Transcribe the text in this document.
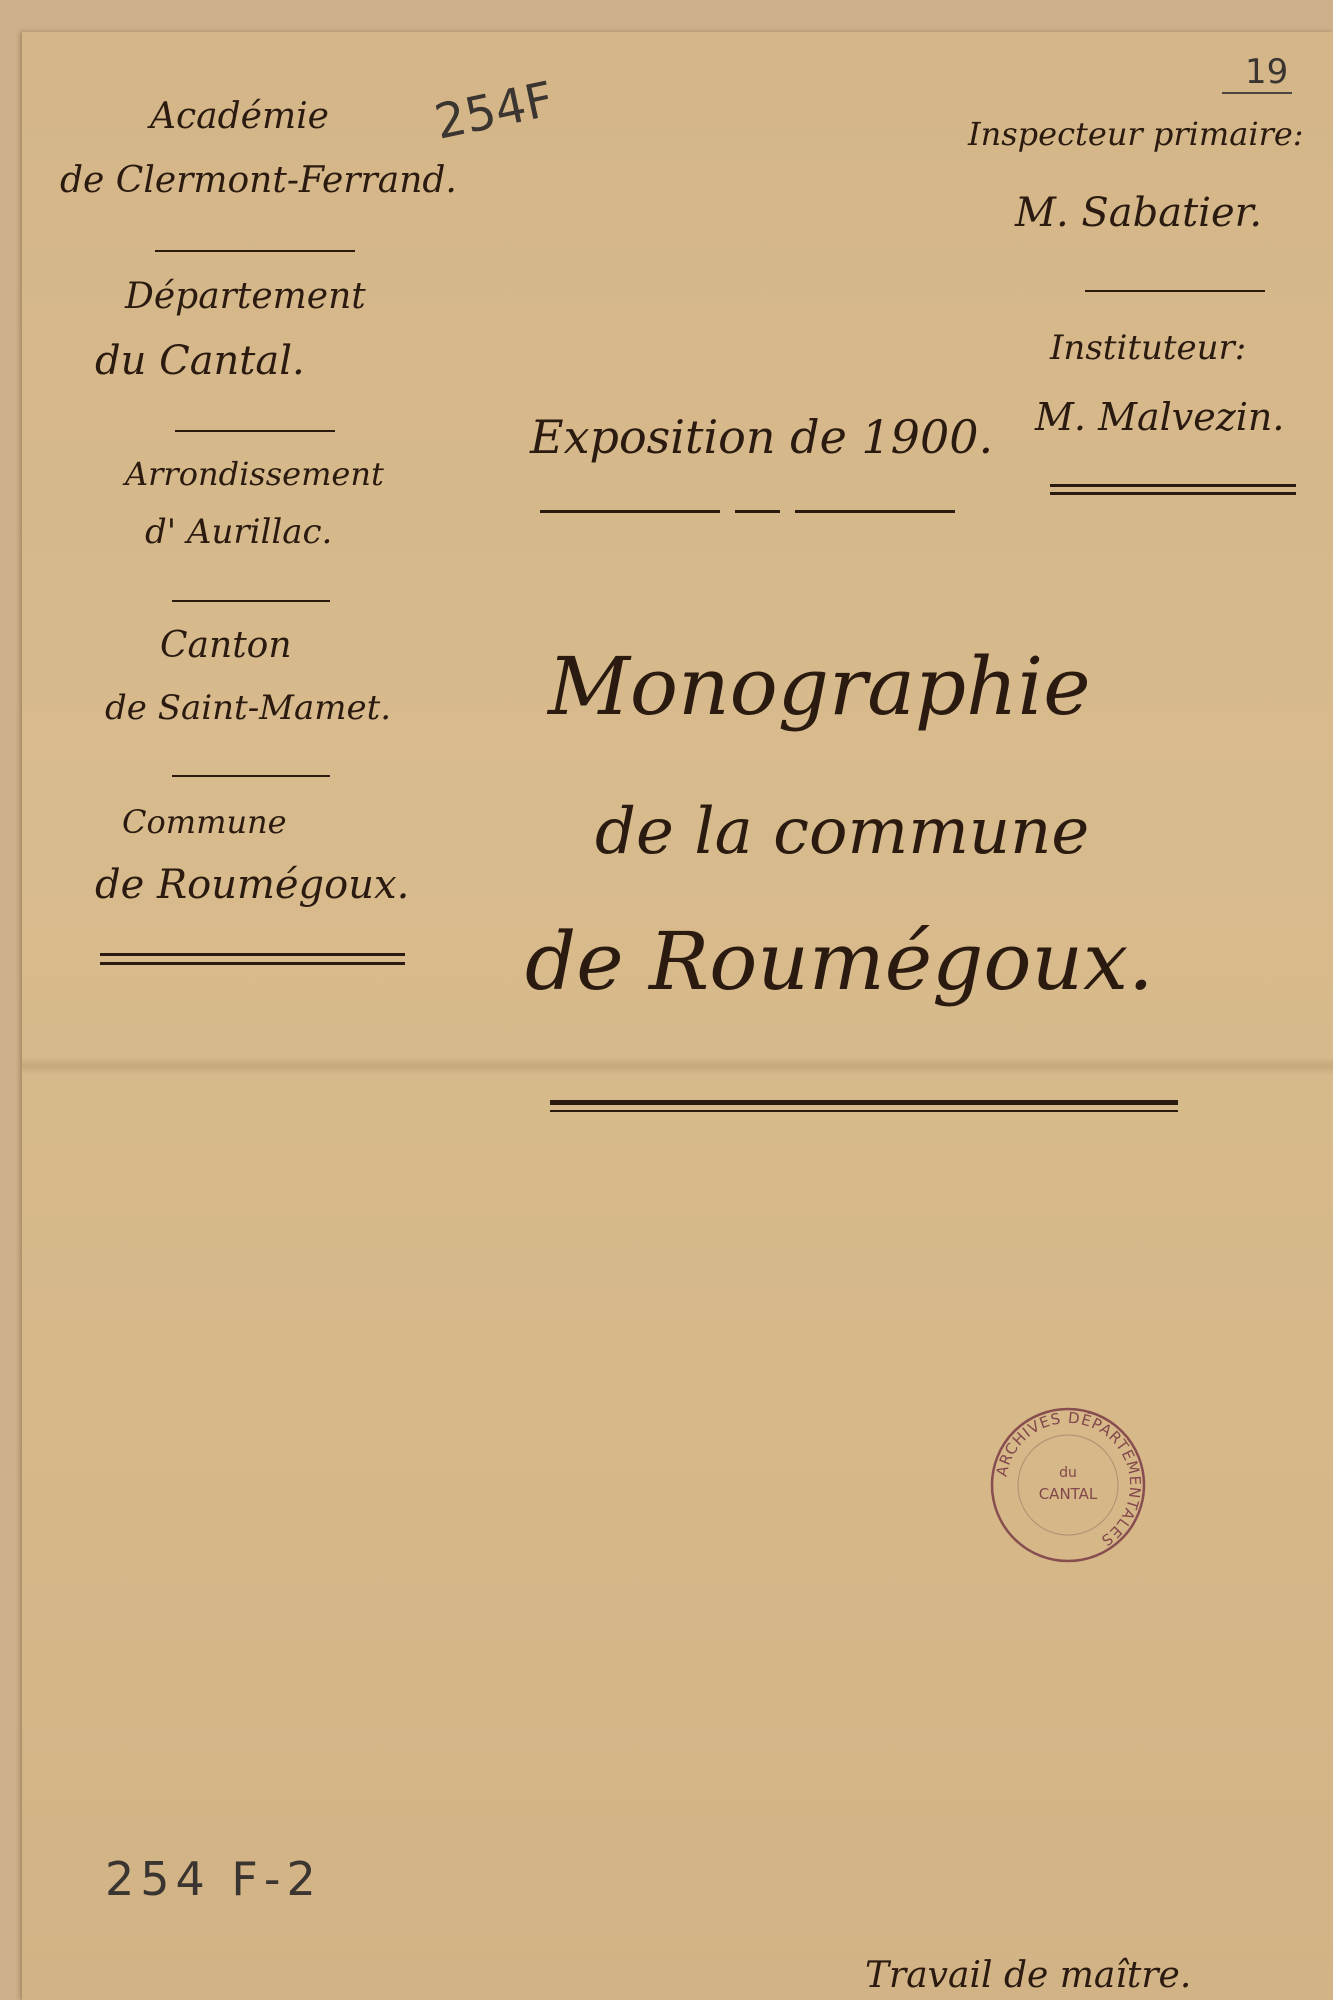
Académie
de Clermont-Ferrand.
Département
du Cantal.
Arrondissement
d' Aurillac.
Canton
de Saint-Mamet.
Commune
de Roumégoux.
254F	19
Inspecteur primaire:
M. Sabatier.
Instituteur:
M. Malvezin.
Exposition de 1900.
Monographie
de la commune
de Roumégoux.
ARCHIVES DÉPARTEMENTALES
du
CANTAL
254 F-2
Travail de maître.
